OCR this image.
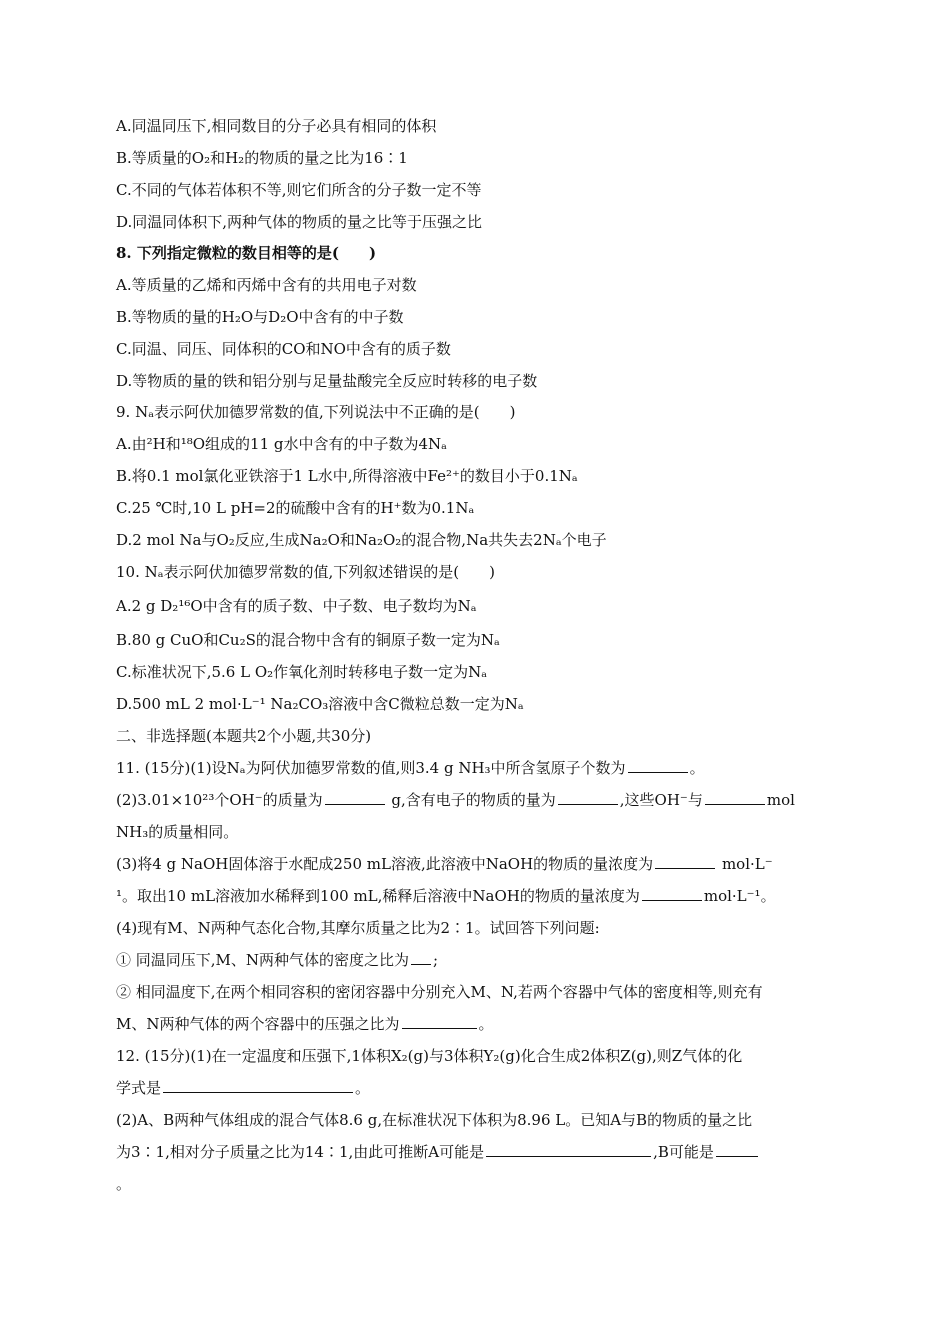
A.同温同压下,相同数目的分子必具有相同的体积
B.等质量的O₂和H₂的物质的量之比为16∶1
C.不同的气体若体积不等,则它们所含的分子数一定不等
D.同温同体积下,两种气体的物质的量之比等于压强之比
8. 下列指定微粒的数目相等的是(　　)
A.等质量的乙烯和丙烯中含有的共用电子对数
B.等物质的量的H₂O与D₂O中含有的中子数
C.同温、同压、同体积的CO和NO中含有的质子数
D.等物质的量的铁和铝分别与足量盐酸完全反应时转移的电子数
9. Nₐ表示阿伏加德罗常数的值,下列说法中不正确的是(　　)
A.由²H和¹⁸O组成的11 g水中含有的中子数为4Nₐ
B.将0.1 mol氯化亚铁溶于1 L水中,所得溶液中Fe²⁺的数目小于0.1Nₐ
C.25 ℃时,10 L pH=2的硫酸中含有的H⁺数为0.1Nₐ
D.2 mol Na与O₂反应,生成Na₂O和Na₂O₂的混合物,Na共失去2Nₐ个电子
10. Nₐ表示阿伏加德罗常数的值,下列叙述错误的是(　　)
A.2 g D₂¹⁶O中含有的质子数、中子数、电子数均为Nₐ
B.80 g CuO和Cu₂S的混合物中含有的铜原子数一定为Nₐ
C.标准状况下,5.6 L O₂作氧化剂时转移电子数一定为Nₐ
D.500 mL 2 mol·L⁻¹ Na₂CO₃溶液中含C微粒总数一定为Nₐ
二、非选择题(本题共2个小题,共30分)
11. (15分)(1)设Nₐ为阿伏加德罗常数的值,则3.4 g NH₃中所含氢原子个数为	。
(2)3.01×10²³个OH⁻的质量为	g,含有电子的物质的量为	,这些OH⁻与	mol
NH₃的质量相同。
(3)将4 g NaOH固体溶于水配成250 mL溶液,此溶液中NaOH的物质的量浓度为	mol·L⁻
¹。取出10 mL溶液加水稀释到100 mL,稀释后溶液中NaOH的物质的量浓度为	mol·L⁻¹。
(4)现有M、N两种气态化合物,其摩尔质量之比为2∶1。试回答下列问题:
① 同温同压下,M、N两种气体的密度之比为 ;
② 相同温度下,在两个相同容积的密闭容器中分别充入M、N,若两个容器中气体的密度相等,则充有
M、N两种气体的两个容器中的压强之比为	。
12. (15分)(1)在一定温度和压强下,1体积X₂(g)与3体积Y₂(g)化合生成2体积Z(g),则Z气体的化
学式是	。
(2)A、B两种气体组成的混合气体8.6 g,在标准状况下体积为8.96 L。已知A与B的物质的量之比
为3∶1,相对分子质量之比为14∶1,由此可推断A可能是	,B可能是
。
